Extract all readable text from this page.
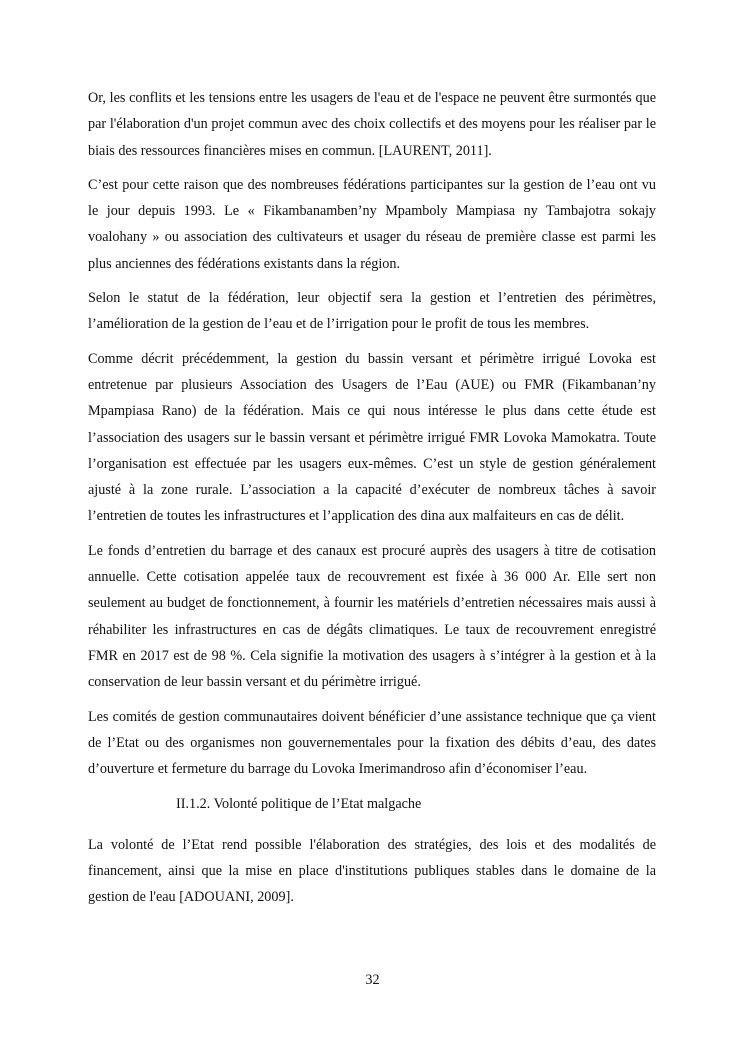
Or, les conflits et les tensions entre les usagers de l'eau et de l'espace ne peuvent être surmontés que par l'élaboration d'un projet commun avec des choix collectifs et des moyens pour les réaliser par le biais des ressources financières mises en commun. [LAURENT, 2011].

C’est pour cette raison que des nombreuses fédérations participantes sur la gestion de l’eau ont vu le jour depuis 1993. Le « Fikambanamben’ny Mpamboly Mampiasa ny Tambajotra sokajy voalohany » ou association des cultivateurs et usager du réseau de première classe est parmi les plus anciennes des fédérations existants dans la région.

Selon le statut de la fédération, leur objectif sera la gestion et l’entretien des périmètres, l’amélioration de la gestion de l’eau et de l’irrigation pour le profit de tous les membres.

Comme décrit précédemment, la gestion du bassin versant et périmètre irrigué Lovoka est entretenue par plusieurs Association des Usagers de l’Eau (AUE) ou FMR (Fikambanan’ny Mpampiasa Rano) de la fédération. Mais ce qui nous intéresse le plus dans cette étude est l’association des usagers sur le bassin versant et périmètre irrigué FMR Lovoka Mamokatra. Toute l’organisation est effectuée par les usagers eux-mêmes. C’est un style de gestion généralement ajusté à la zone rurale. L’association a la capacité d’exécuter de nombreux tâches à savoir l’entretien de toutes les infrastructures et l’application des dina aux malfaiteurs en cas de délit.

Le fonds d’entretien du barrage et des canaux est procuré auprès des usagers à titre de cotisation annuelle. Cette cotisation appelée taux de recouvrement est fixée à 36 000 Ar. Elle sert non seulement au budget de fonctionnement, à fournir les matériels d’entretien nécessaires mais aussi à réhabiliter les infrastructures en cas de dégâts climatiques. Le taux de recouvrement enregistré FMR en 2017 est de 98 %. Cela signifie la motivation des usagers à s’intégrer à la gestion et à la conservation de leur bassin versant et du périmètre irrigué.

Les comités de gestion communautaires doivent bénéficier d’une assistance technique que ça vient de l’Etat ou des organismes non gouvernementales pour la fixation des débits d’eau, des dates d’ouverture et fermeture du barrage du Lovoka Imerimandroso afin d’économiser l’eau.

II.1.2. Volonté politique de l’Etat malgache

La volonté de l’Etat rend possible l'élaboration des stratégies, des lois et des modalités de financement, ainsi que la mise en place d'institutions publiques stables dans le domaine de la gestion de l'eau [ADOUANI, 2009].

32
